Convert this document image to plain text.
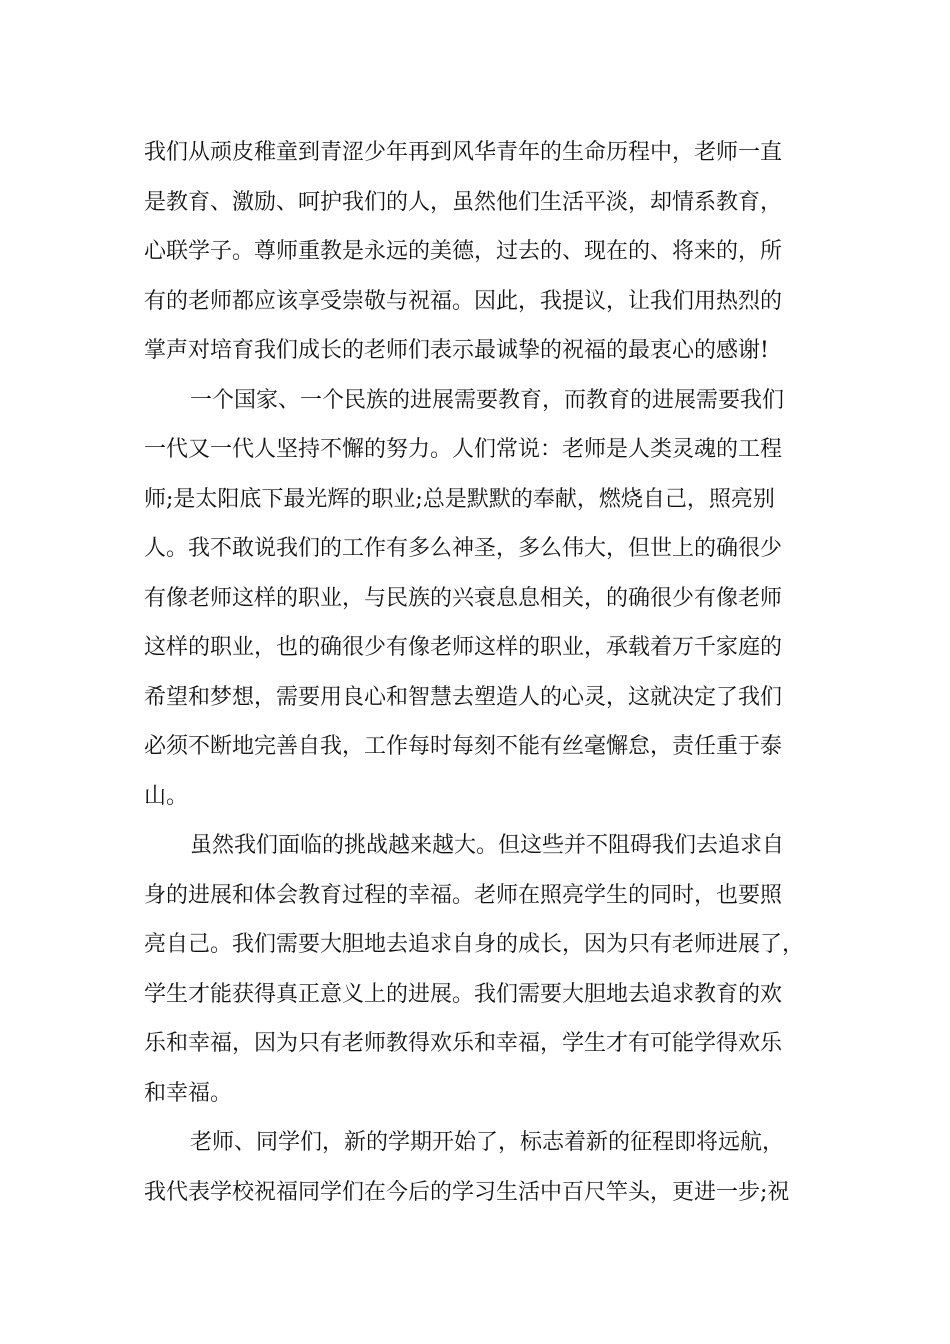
我们从顽皮稚童到青涩少年再到风华青年的生命历程中，老师一直
是教育、激励、呵护我们的人，虽然他们生活平淡，却情系教育，
心联学子。尊师重教是永远的美德，过去的、现在的、将来的，所
有的老师都应该享受崇敬与祝福。因此，我提议，让我们用热烈的
掌声对培育我们成长的老师们表示最诚挚的祝福的最衷心的感谢!
一个国家、一个民族的进展需要教育，而教育的进展需要我们
一代又一代人坚持不懈的努力。人们常说：老师是人类灵魂的工程
师;是太阳底下最光辉的职业;总是默默的奉献，燃烧自己，照亮别
人。我不敢说我们的工作有多么神圣，多么伟大，但世上的确很少
有像老师这样的职业，与民族的兴衰息息相关，的确很少有像老师
这样的职业，也的确很少有像老师这样的职业，承载着万千家庭的
希望和梦想，需要用良心和智慧去塑造人的心灵，这就决定了我们
必须不断地完善自我，工作每时每刻不能有丝毫懈怠，责任重于泰
山。
虽然我们面临的挑战越来越大。但这些并不阻碍我们去追求自
身的进展和体会教育过程的幸福。老师在照亮学生的同时，也要照
亮自己。我们需要大胆地去追求自身的成长，因为只有老师进展了，
学生才能获得真正意义上的进展。我们需要大胆地去追求教育的欢
乐和幸福，因为只有老师教得欢乐和幸福，学生才有可能学得欢乐
和幸福。
老师、同学们，新的学期开始了，标志着新的征程即将远航，
我代表学校祝福同学们在今后的学习生活中百尺竿头，更进一步;祝
